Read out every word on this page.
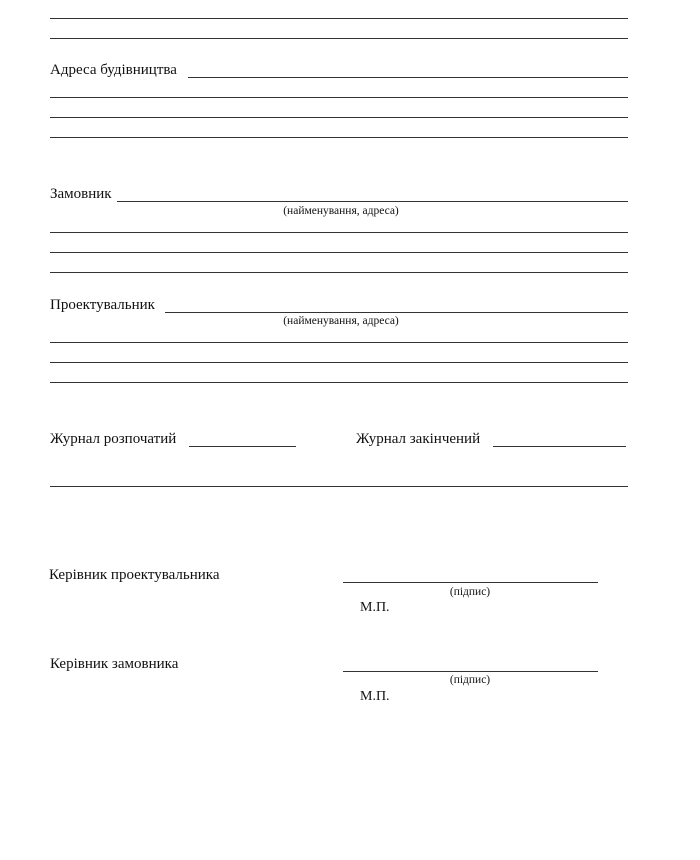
Адреса будівництва
Замовник
(найменування, адреса)
Проектувальник
(найменування, адреса)
Журнал розпочатий	Журнал закінчений
Керівник проектувальника
(підпис)
М.П.
Керівник замовника
(підпис)
М.П.
